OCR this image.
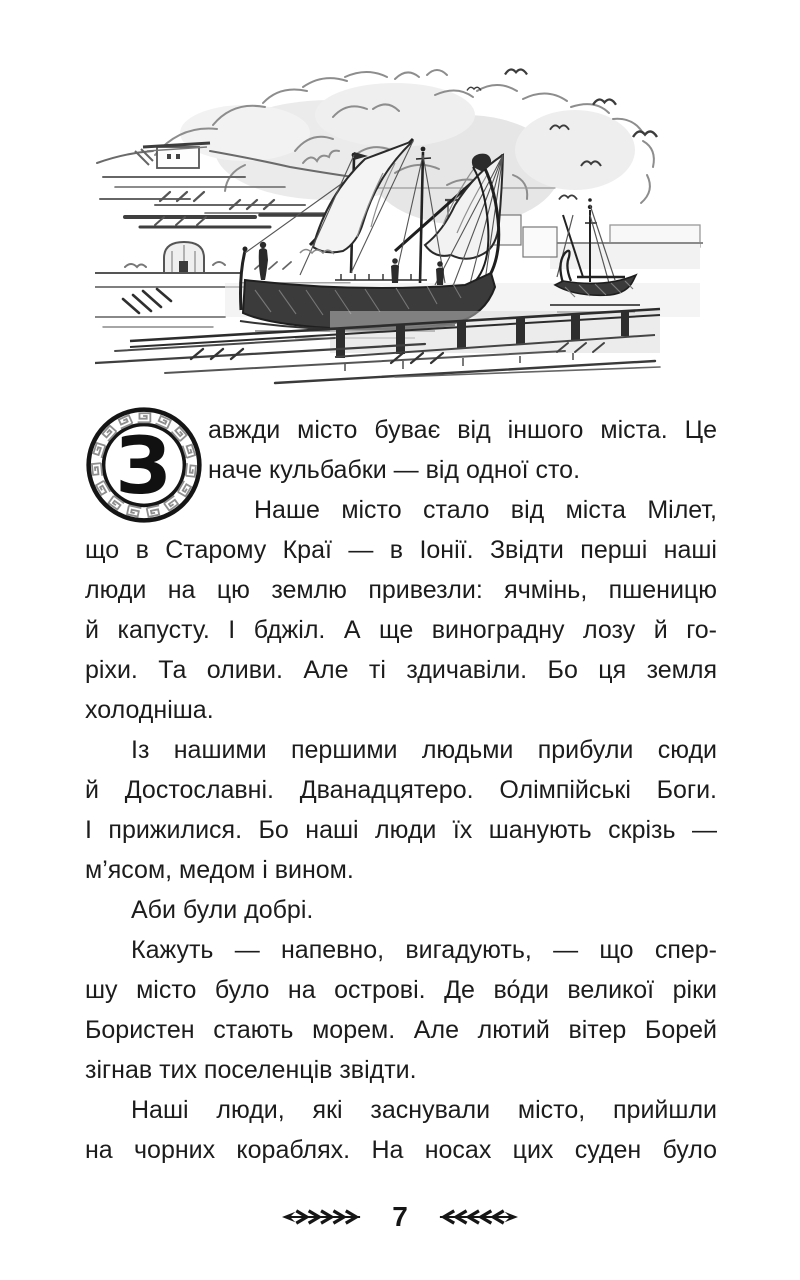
З	авжди місто буває від іншого міста. Це
наче кульбабки — від одної сто.
Наше місто стало від міста Мілет,
що в Старому Краї — в Іонії. Звідти перші наші
люди на цю землю привезли: ячмінь, пшеницю
й капусту. І бджіл. А ще виноградну лозу й го-
ріхи. Та оливи. Але ті здичавіли. Бо ця земля
холодніша.
Із нашими першими людьми прибули сюди
й Достославні. Дванадцятеро. Олімпійські Боги.
І прижилися. Бо наші люди їх шанують скрізь —
м’ясом, медом і вином.
Аби були добрі.
Кажуть — напевно, вигадують, — що спер-
шу місто було на острові. Де во́ди великої ріки
Бористен стають морем. Але лютий вітер Борей
зігнав тих поселенців звідти.
Наші люди, які заснували місто, прийшли
на чорних кораблях. На носах цих суден було
7
